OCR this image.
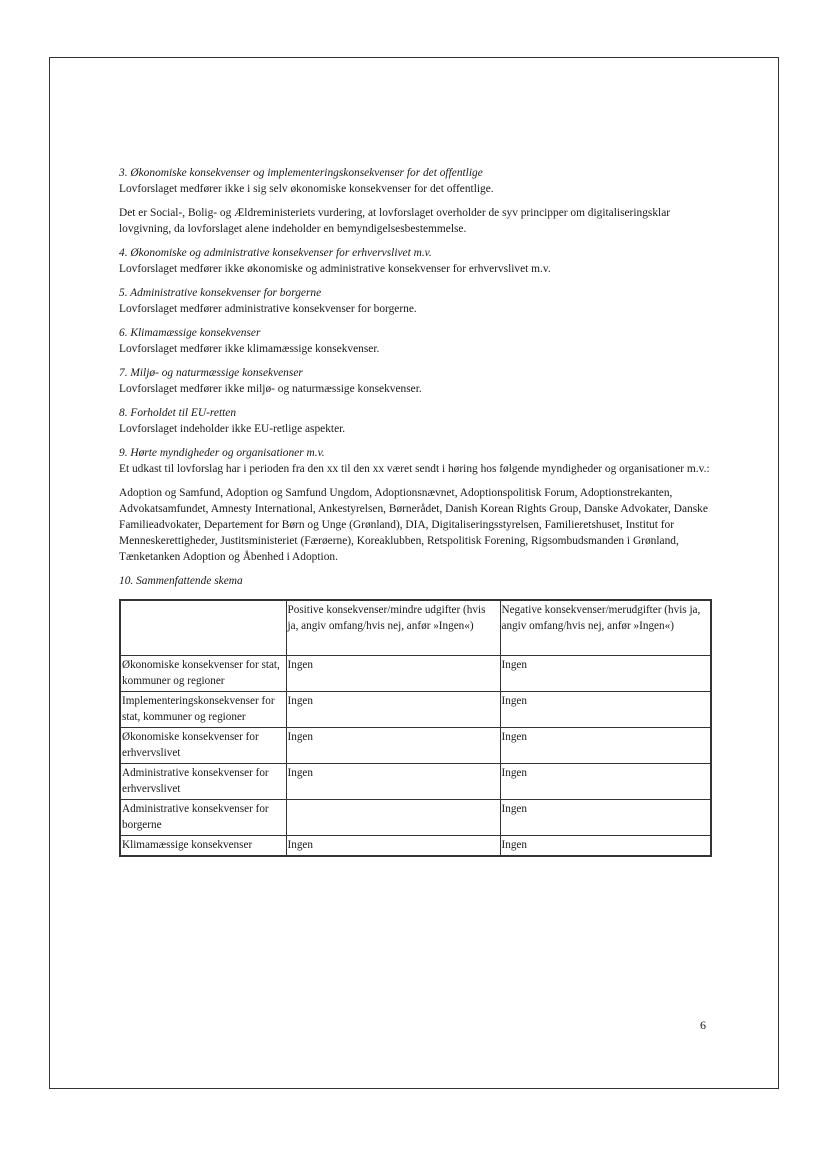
3. Økonomiske konsekvenser og implementeringskonsekvenser for det offentlige

Lovforslaget medfører ikke i sig selv økonomiske konsekvenser for det offentlige.

Det er Social-, Bolig- og Ældreministeriets vurdering, at lovforslaget overholder de syv principper om digitaliseringsklar lovgivning, da lovforslaget alene indeholder en bemyndigelsesbestemmelse.

4. Økonomiske og administrative konsekvenser for erhvervslivet m.v.

Lovforslaget medfører ikke økonomiske og administrative konsekvenser for erhvervslivet m.v.

5. Administrative konsekvenser for borgerne

Lovforslaget medfører administrative konsekvenser for borgerne.

6. Klimamæssige konsekvenser

Lovforslaget medfører ikke klimamæssige konsekvenser.

7. Miljø- og naturmæssige konsekvenser

Lovforslaget medfører ikke miljø- og naturmæssige konsekvenser.

8. Forholdet til EU-retten

Lovforslaget indeholder ikke EU-retlige aspekter.

9. Hørte myndigheder og organisationer m.v.

Et udkast til lovforslag har i perioden fra den xx til den xx været sendt i høring hos følgende myndigheder og organisationer m.v.:

Adoption og Samfund, Adoption og Samfund Ungdom, Adoptionsnævnet, Adoptionspolitisk Forum, Adoptionstrekanten, Advokatsamfundet, Amnesty International, Ankestyrelsen, Børnerådet, Danish Korean Rights Group, Danske Advokater, Danske Familieadvokater, Departement for Børn og Unge (Grønland), DIA, Digitaliseringsstyrelsen, Familieretshuset, Institut for Menneskerettigheder, Justitsministeriet (Færøerne), Koreaklubben, Retspolitisk Forening, Rigsombudsmanden i Grønland, Tænketanken Adoption og Åbenhed i Adoption.

10. Sammenfattende skema

	Positive konsekvenser/mindre udgifter (hvis ja, angiv omfang/hvis nej, anfør »Ingen«)	Negative konsekvenser/merudgifter (hvis ja, angiv omfang/hvis nej, anfør »Ingen«)
Økonomiske konsekvenser for stat, kommuner og regioner	Ingen	Ingen
Implementeringskonsekvenser for stat, kommuner og regioner	Ingen	Ingen
Økonomiske konsekvenser for erhvervslivet	Ingen	Ingen
Administrative konsekvenser for erhvervslivet	Ingen	Ingen
Administrative konsekvenser for borgerne		Ingen
Klimamæssige konsekvenser	Ingen	Ingen
6
